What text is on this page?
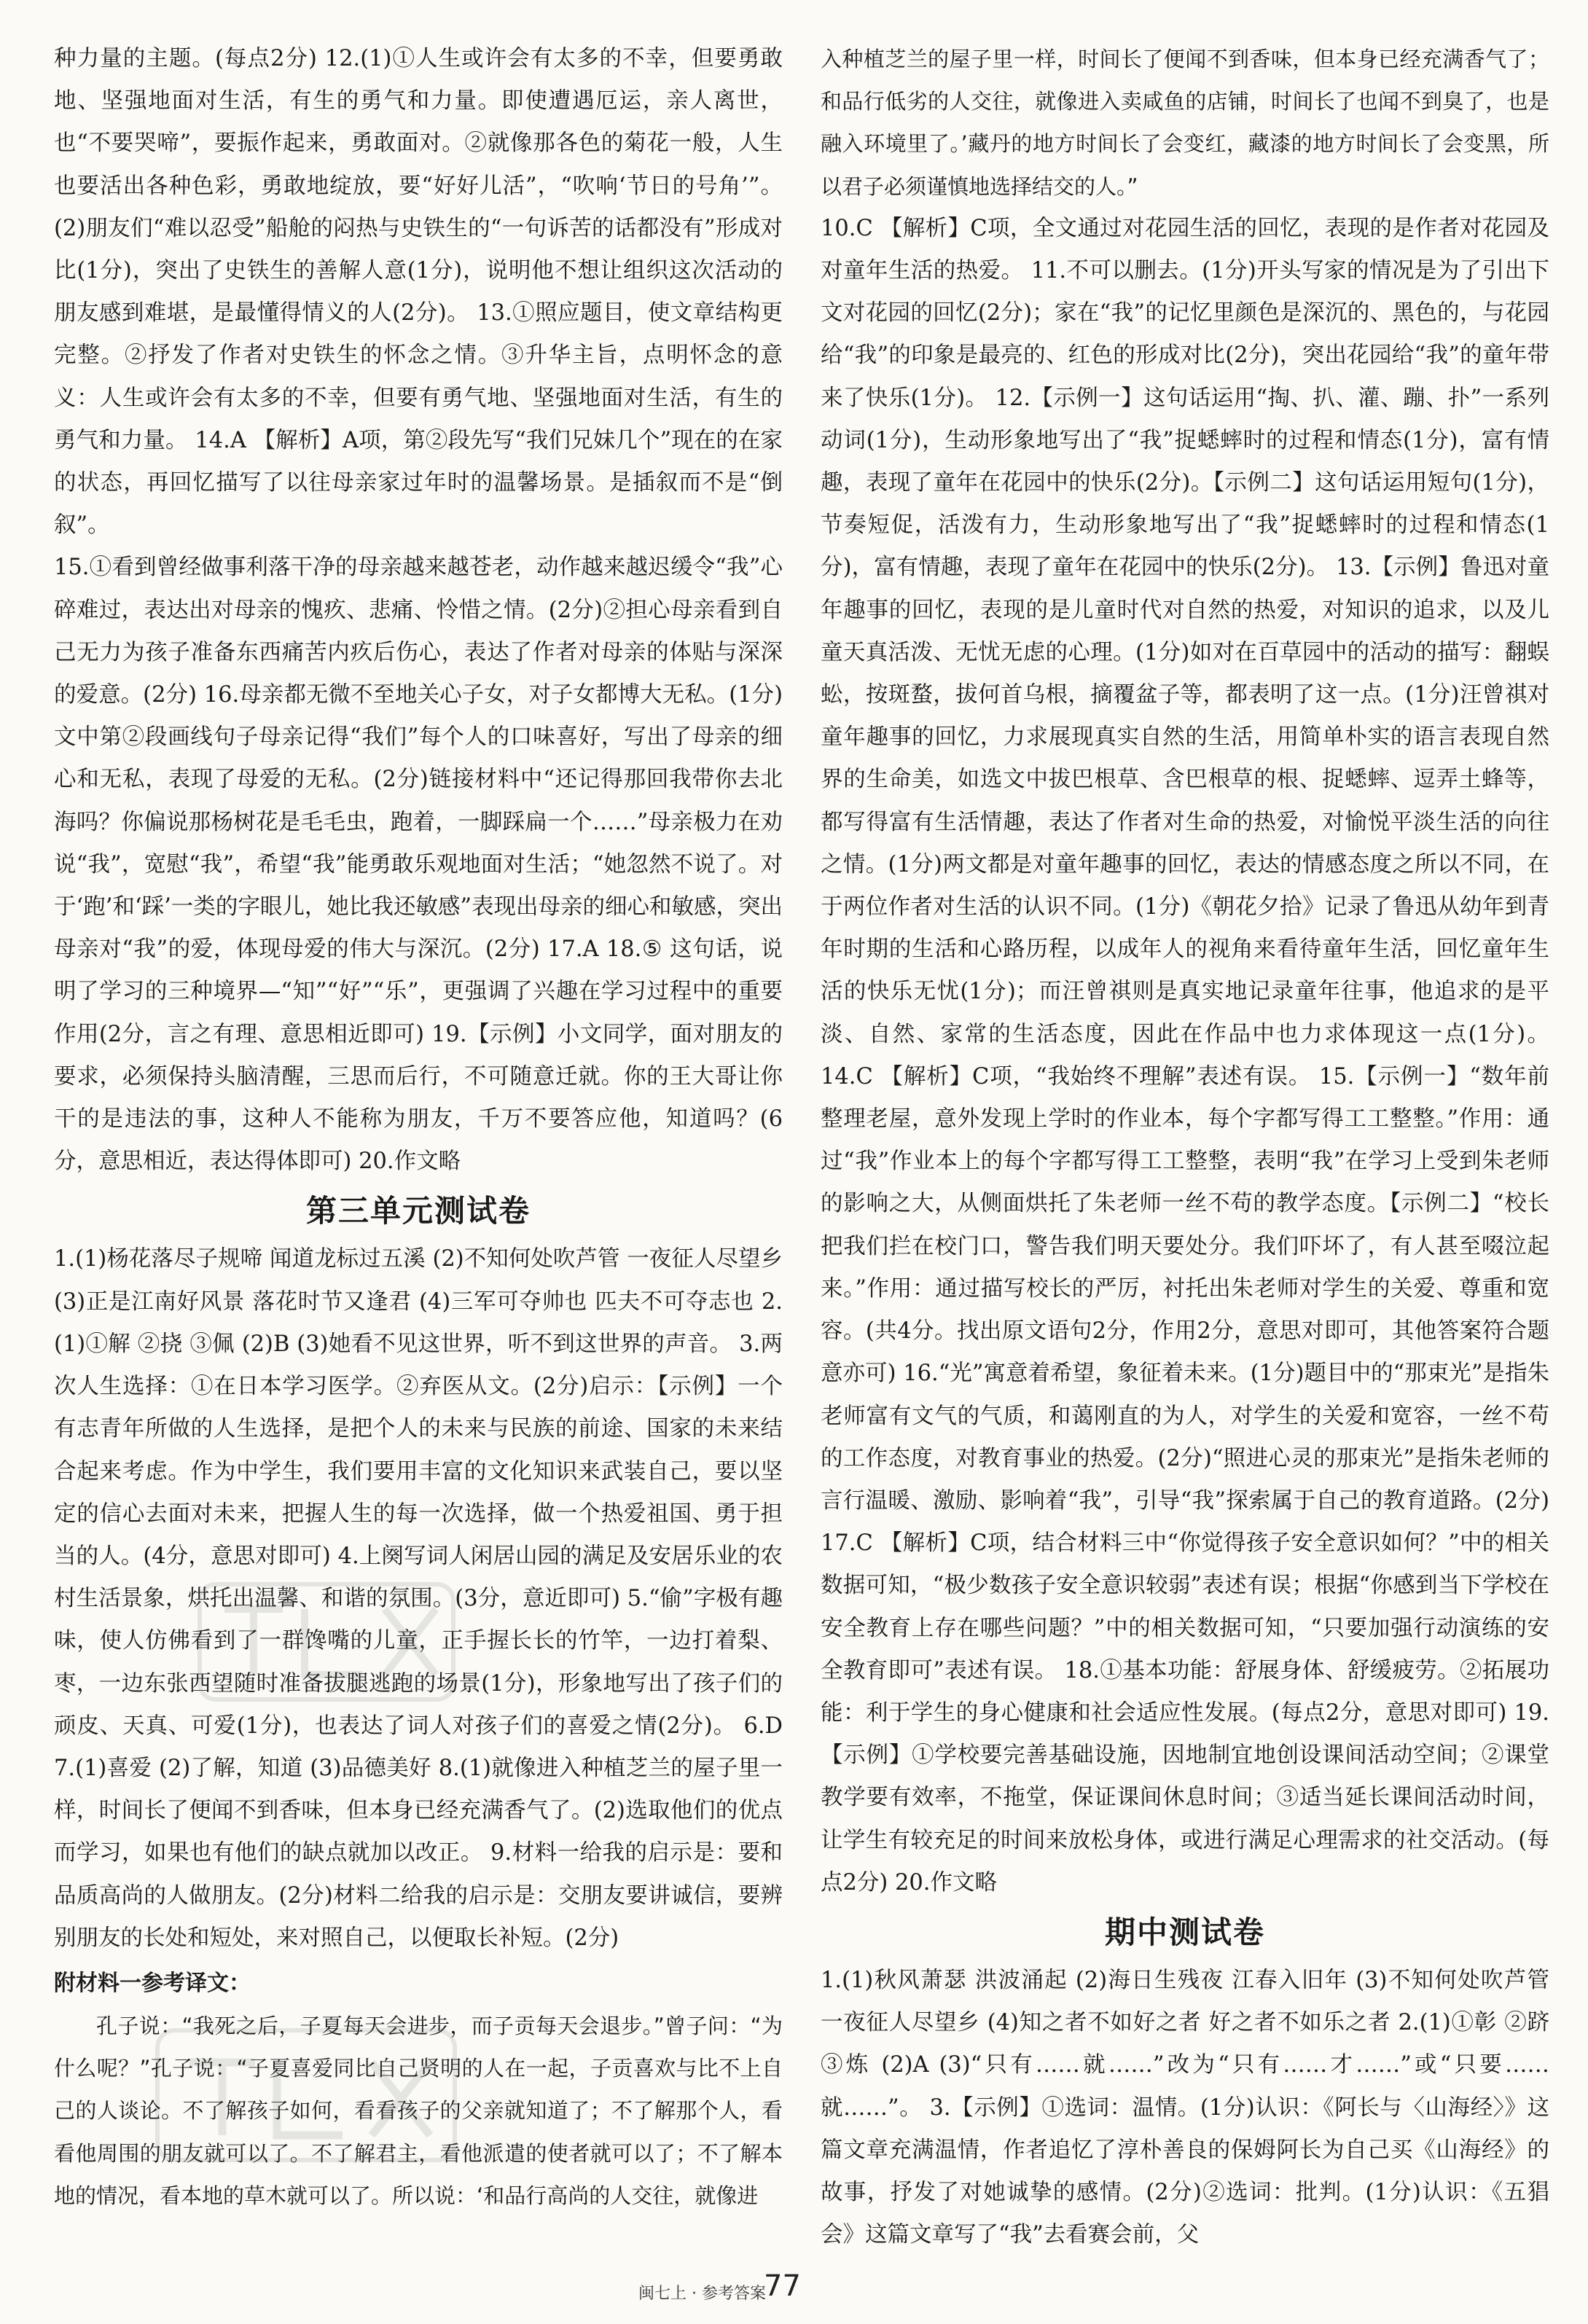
种力量的主题。(每点2分) 12.(1)①人生或许会有太多的不幸，但要勇敢地、坚强地面对生活，有生的勇气和力量。即使遭遇厄运，亲人离世，也“不要哭啼”，要振作起来，勇敢面对。②就像那各色的菊花一般，人生也要活出各种色彩，勇敢地绽放，要“好好儿活”，“吹响‘节日的号角’”。(2)朋友们“难以忍受”船舱的闷热与史铁生的“一句诉苦的话都没有”形成对比(1分)，突出了史铁生的善解人意(1分)，说明他不想让组织这次活动的朋友感到难堪，是最懂得情义的人(2分)。 13.①照应题目，使文章结构更完整。②抒发了作者对史铁生的怀念之情。③升华主旨，点明怀念的意义：人生或许会有太多的不幸，但要有勇气地、坚强地面对生活，有生的勇气和力量。 14.A 【解析】A项，第②段先写“我们兄妹几个”现在的在家的状态，再回忆描写了以往母亲家过年时的温馨场景。是插叙而不是“倒叙”。

15.①看到曾经做事利落干净的母亲越来越苍老，动作越来越迟缓令“我”心碎难过，表达出对母亲的愧疚、悲痛、怜惜之情。(2分)②担心母亲看到自己无力为孩子准备东西痛苦内疚后伤心，表达了作者对母亲的体贴与深深的爱意。(2分) 16.母亲都无微不至地关心子女，对子女都博大无私。(1分)文中第②段画线句子母亲记得“我们”每个人的口味喜好，写出了母亲的细心和无私，表现了母爱的无私。(2分)链接材料中“还记得那回我带你去北海吗？你偏说那杨树花是毛毛虫，跑着，一脚踩扁一个……”母亲极力在劝说“我”，宽慰“我”，希望“我”能勇敢乐观地面对生活；“她忽然不说了。对于‘跑’和‘踩’一类的字眼儿，她比我还敏感”表现出母亲的细心和敏感，突出母亲对“我”的爱，体现母爱的伟大与深沉。(2分) 17.A 18.⑤ 这句话，说明了学习的三种境界—“知”“好”“乐”，更强调了兴趣在学习过程中的重要作用(2分，言之有理、意思相近即可) 19.【示例】小文同学，面对朋友的要求，必须保持头脑清醒，三思而后行，不可随意迁就。你的王大哥让你干的是违法的事，这种人不能称为朋友，千万不要答应他，知道吗？(6分，意思相近，表达得体即可) 20.作文略

第三单元测试卷

1.(1)杨花落尽子规啼 闻道龙标过五溪 (2)不知何处吹芦管 一夜征人尽望乡 (3)正是江南好风景 落花时节又逢君 (4)三军可夺帅也 匹夫不可夺志也 2.(1)①解 ②挠 ③佩 (2)B (3)她看不见这世界，听不到这世界的声音。 3.两次人生选择：①在日本学习医学。②弃医从文。(2分)启示：【示例】一个有志青年所做的人生选择，是把个人的未来与民族的前途、国家的未来结合起来考虑。作为中学生，我们要用丰富的文化知识来武装自己，要以坚定的信心去面对未来，把握人生的每一次选择，做一个热爱祖国、勇于担当的人。(4分，意思对即可) 4.上阕写词人闲居山园的满足及安居乐业的农村生活景象，烘托出温馨、和谐的氛围。(3分，意近即可) 5.“偷”字极有趣味，使人仿佛看到了一群馋嘴的儿童，正手握长长的竹竿，一边打着梨、枣，一边东张西望随时准备拔腿逃跑的场景(1分)，形象地写出了孩子们的顽皮、天真、可爱(1分)，也表达了词人对孩子们的喜爱之情(2分)。 6.D 7.(1)喜爱 (2)了解，知道 (3)品德美好 8.(1)就像进入种植芝兰的屋子里一样，时间长了便闻不到香味，但本身已经充满香气了。(2)选取他们的优点而学习，如果也有他们的缺点就加以改正。 9.材料一给我的启示是：要和品质高尚的人做朋友。(2分)材料二给我的启示是：交朋友要讲诚信，要辨别朋友的长处和短处，来对照自己，以便取长补短。(2分)

附材料一参考译文：

孔子说：“我死之后，子夏每天会进步，而子贡每天会退步。”曾子问：“为什么呢？”孔子说：“子夏喜爱同比自己贤明的人在一起，子贡喜欢与比不上自己的人谈论。不了解孩子如何，看看孩子的父亲就知道了；不了解那个人，看看他周围的朋友就可以了。不了解君主，看他派遣的使者就可以了；不了解本地的情况，看本地的草木就可以了。所以说：‘和品行高尚的人交往，就像进

入种植芝兰的屋子里一样，时间长了便闻不到香味，但本身已经充满香气了；和品行低劣的人交往，就像进入卖咸鱼的店铺，时间长了也闻不到臭了，也是融入环境里了。’藏丹的地方时间长了会变红，藏漆的地方时间长了会变黑，所以君子必须谨慎地选择结交的人。”

10.C 【解析】C项，全文通过对花园生活的回忆，表现的是作者对花园及对童年生活的热爱。 11.不可以删去。(1分)开头写家的情况是为了引出下文对花园的回忆(2分)；家在“我”的记忆里颜色是深沉的、黑色的，与花园给“我”的印象是最亮的、红色的形成对比(2分)，突出花园给“我”的童年带来了快乐(1分)。 12.【示例一】这句话运用“掏、扒、灌、蹦、扑”一系列动词(1分)，生动形象地写出了“我”捉蟋蟀时的过程和情态(1分)，富有情趣，表现了童年在花园中的快乐(2分)。【示例二】这句话运用短句(1分)，节奏短促，活泼有力，生动形象地写出了“我”捉蟋蟀时的过程和情态(1分)，富有情趣，表现了童年在花园中的快乐(2分)。 13.【示例】鲁迅对童年趣事的回忆，表现的是儿童时代对自然的热爱，对知识的追求，以及儿童天真活泼、无忧无虑的心理。(1分)如对在百草园中的活动的描写：翻蜈蚣，按斑蝥，拔何首乌根，摘覆盆子等，都表明了这一点。(1分)汪曾祺对童年趣事的回忆，力求展现真实自然的生活，用简单朴实的语言表现自然界的生命美，如选文中拔巴根草、含巴根草的根、捉蟋蟀、逗弄土蜂等，都写得富有生活情趣，表达了作者对生命的热爱，对愉悦平淡生活的向往之情。(1分)两文都是对童年趣事的回忆，表达的情感态度之所以不同，在于两位作者对生活的认识不同。(1分)《朝花夕拾》记录了鲁迅从幼年到青年时期的生活和心路历程，以成年人的视角来看待童年生活，回忆童年生活的快乐无忧(1分)；而汪曾祺则是真实地记录童年往事，他追求的是平淡、自然、家常的生活态度，因此在作品中也力求体现这一点(1分)。 14.C 【解析】C项，“我始终不理解”表述有误。 15.【示例一】“数年前整理老屋，意外发现上学时的作业本，每个字都写得工工整整。”作用：通过“我”作业本上的每个字都写得工工整整，表明“我”在学习上受到朱老师的影响之大，从侧面烘托了朱老师一丝不苟的教学态度。【示例二】“校长把我们拦在校门口，警告我们明天要处分。我们吓坏了，有人甚至啜泣起来。”作用：通过描写校长的严厉，衬托出朱老师对学生的关爱、尊重和宽容。(共4分。找出原文语句2分，作用2分，意思对即可，其他答案符合题意亦可) 16.“光”寓意着希望，象征着未来。(1分)题目中的“那束光”是指朱老师富有文气的气质，和蔼刚直的为人，对学生的关爱和宽容，一丝不苟的工作态度，对教育事业的热爱。(2分)“照进心灵的那束光”是指朱老师的言行温暖、激励、影响着“我”，引导“我”探索属于自己的教育道路。(2分) 17.C 【解析】C项，结合材料三中“你觉得孩子安全意识如何？”中的相关数据可知，“极少数孩子安全意识较弱”表述有误；根据“你感到当下学校在安全教育上存在哪些问题？”中的相关数据可知，“只要加强行动演练的安全教育即可”表述有误。 18.①基本功能：舒展身体、舒缓疲劳。②拓展功能：利于学生的身心健康和社会适应性发展。(每点2分，意思对即可) 19.【示例】①学校要完善基础设施，因地制宜地创设课间活动空间；②课堂教学要有效率，不拖堂，保证课间休息时间；③适当延长课间活动时间，让学生有较充足的时间来放松身体，或进行满足心理需求的社交活动。(每点2分) 20.作文略

期中测试卷

1.(1)秋风萧瑟 洪波涌起 (2)海日生残夜 江春入旧年 (3)不知何处吹芦管 一夜征人尽望乡 (4)知之者不如好之者 好之者不如乐之者 2.(1)①彰 ②跻 ③炼 (2)A (3)“只有……就……”改为“只有……才……”或“只要……就……”。 3.【示例】①选词：温情。(1分)认识：《阿长与〈山海经〉》这篇文章充满温情，作者追忆了淳朴善良的保姆阿长为自己买《山海经》的故事，抒发了对她诚挚的感情。(2分)②选词：批判。(1分)认识：《五猖会》这篇文章写了“我”去看赛会前，父

闽七上 · 参考答案
77
